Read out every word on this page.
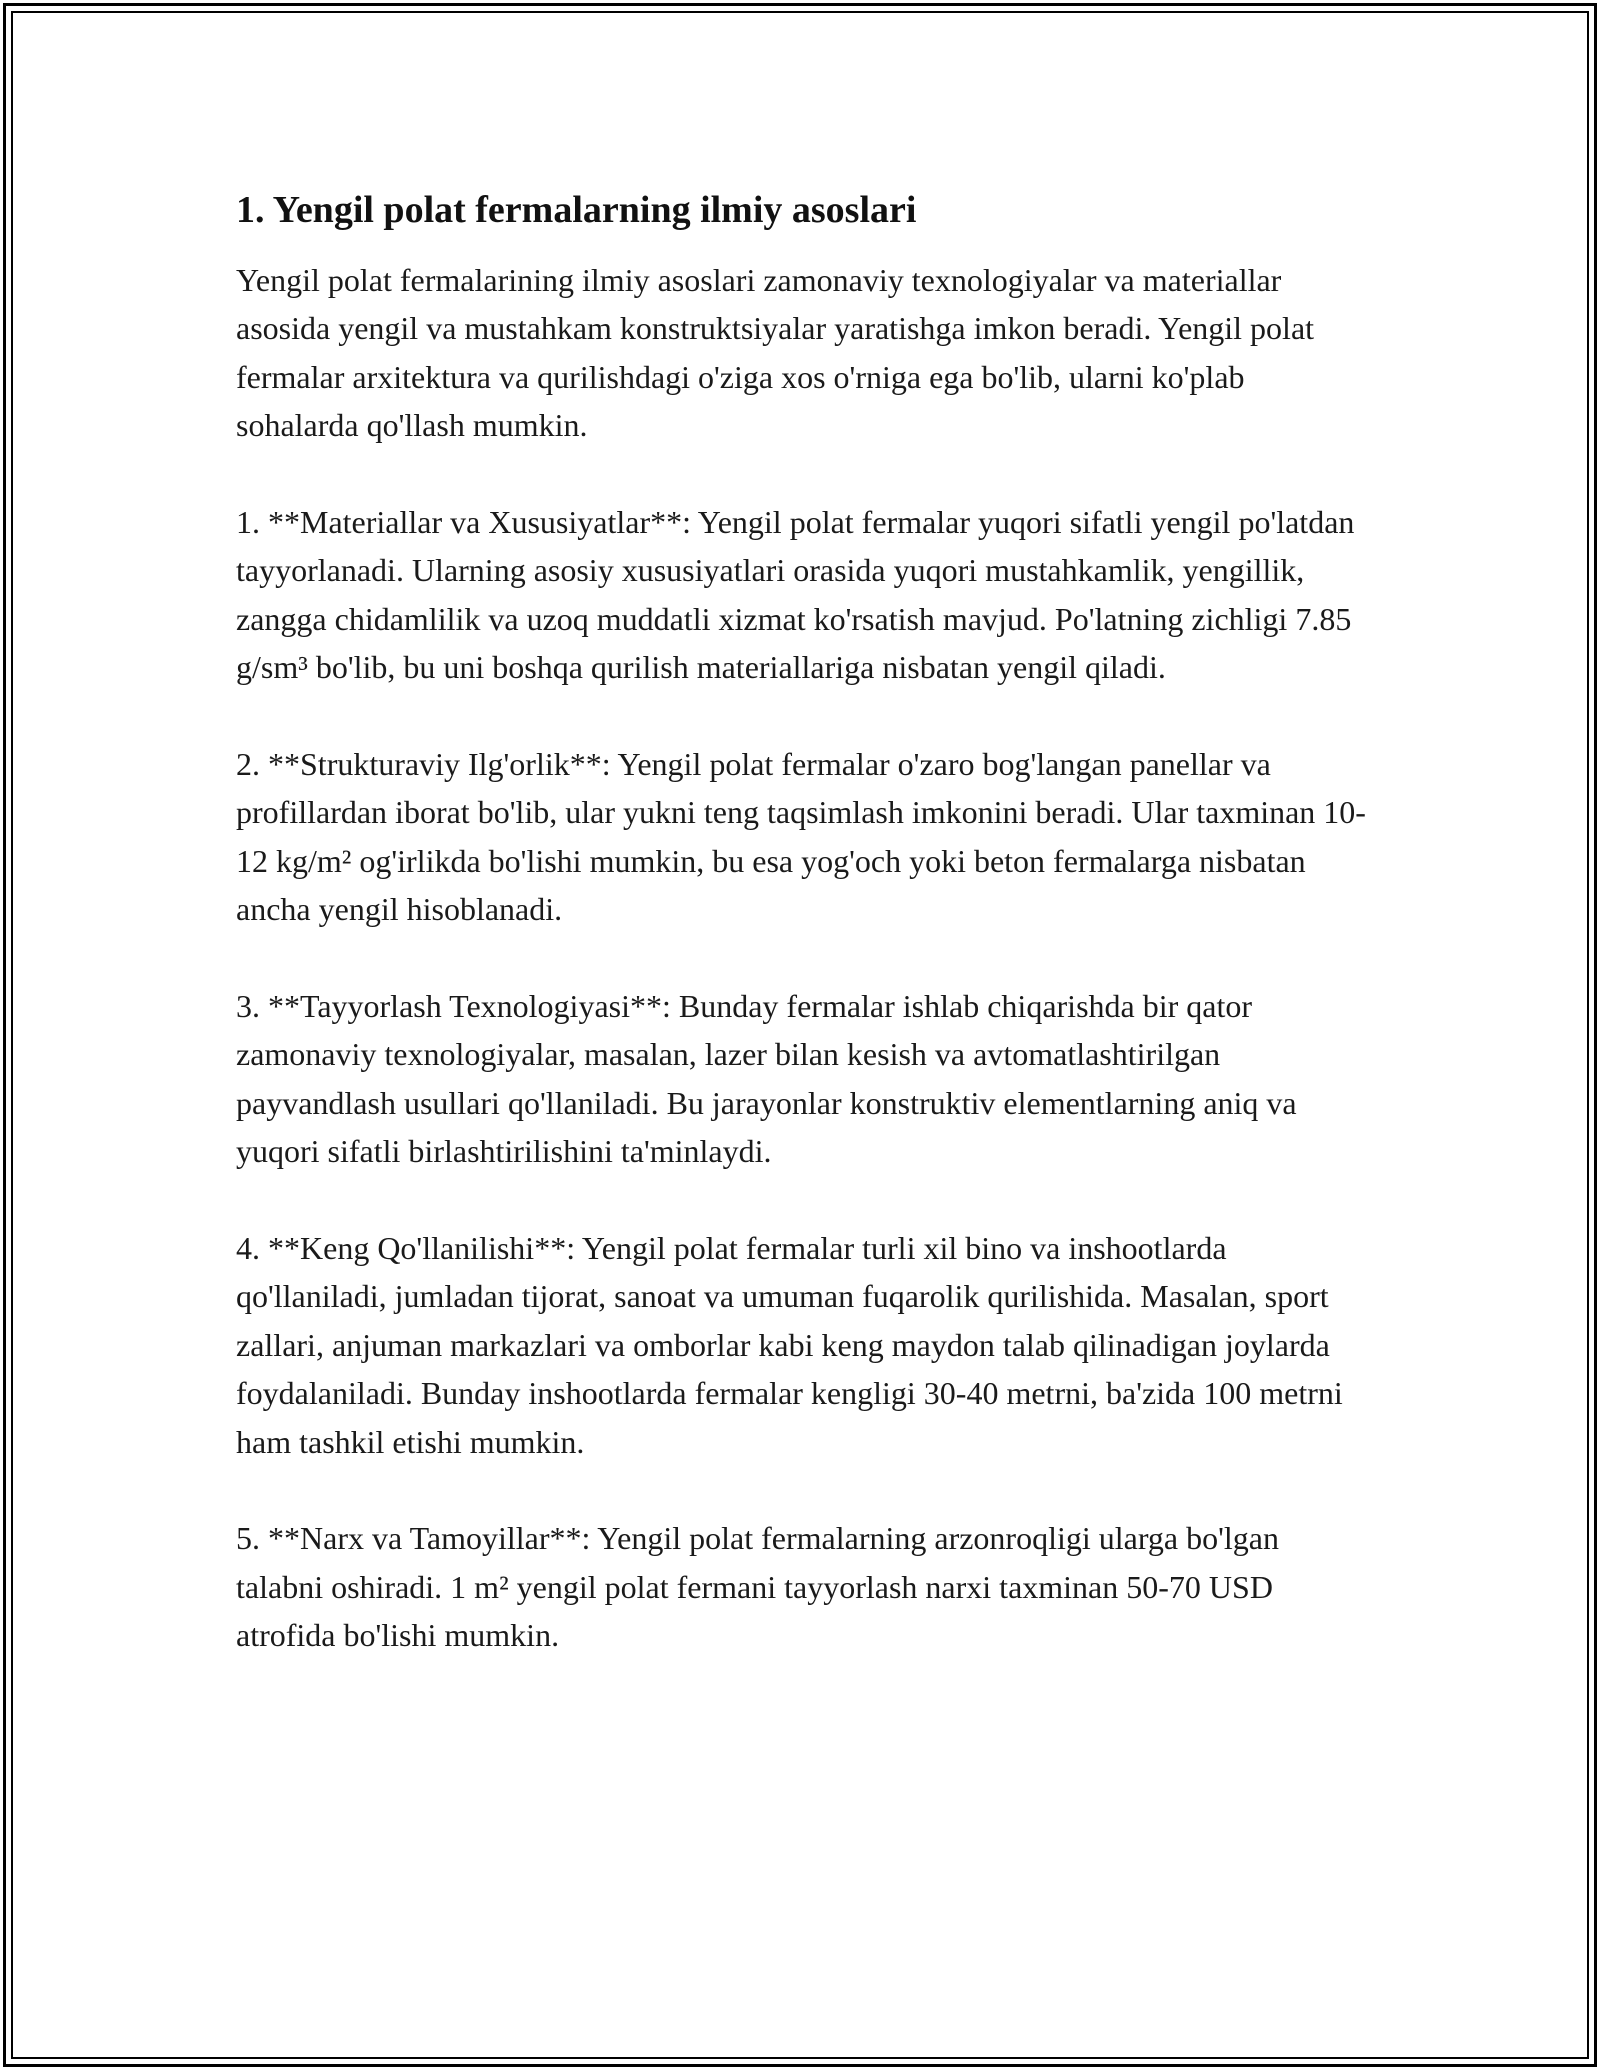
1. Yengil polat fermalarning ilmiy asoslari

Yengil polat fermalarining ilmiy asoslari zamonaviy texnologiyalar va materiallar asosida yengil va mustahkam konstruktsiyalar yaratishga imkon beradi. Yengil polat fermalar arxitektura va qurilishdagi o'ziga xos o'rniga ega bo'lib, ularni ko'plab sohalarda qo'llash mumkin.

1. **Materiallar va Xususiyatlar**: Yengil polat fermalar yuqori sifatli yengil po'latdan tayyorlanadi. Ularning asosiy xususiyatlari orasida yuqori mustahkamlik, yengillik, zangga chidamlilik va uzoq muddatli xizmat ko'rsatish mavjud. Po'latning zichligi 7.85 g/sm³ bo'lib, bu uni boshqa qurilish materiallariga nisbatan yengil qiladi.

2. **Strukturaviy Ilg'orlik**: Yengil polat fermalar o'zaro bog'langan panellar va profillardan iborat bo'lib, ular yukni teng taqsimlash imkonini beradi. Ular taxminan 10-12 kg/m² og'irlikda bo'lishi mumkin, bu esa yog'och yoki beton fermalarga nisbatan ancha yengil hisoblanadi.

3. **Tayyorlash Texnologiyasi**: Bunday fermalar ishlab chiqarishda bir qator zamonaviy texnologiyalar, masalan, lazer bilan kesish va avtomatlashtirilgan payvandlash usullari qo'llaniladi. Bu jarayonlar konstruktiv elementlarning aniq va yuqori sifatli birlashtirilishini ta'minlaydi.

4. **Keng Qo'llanilishi**: Yengil polat fermalar turli xil bino va inshootlarda qo'llaniladi, jumladan tijorat, sanoat va umuman fuqarolik qurilishida. Masalan, sport zallari, anjuman markazlari va omborlar kabi keng maydon talab qilinadigan joylarda foydalaniladi. Bunday inshootlarda fermalar kengligi 30-40 metrni, ba'zida 100 metrni ham tashkil etishi mumkin.

5. **Narx va Tamoyillar**: Yengil polat fermalarning arzonroqligi ularga bo'lgan talabni oshiradi. 1 m² yengil polat fermani tayyorlash narxi taxminan 50-70 USD atrofida bo'lishi mumkin.
